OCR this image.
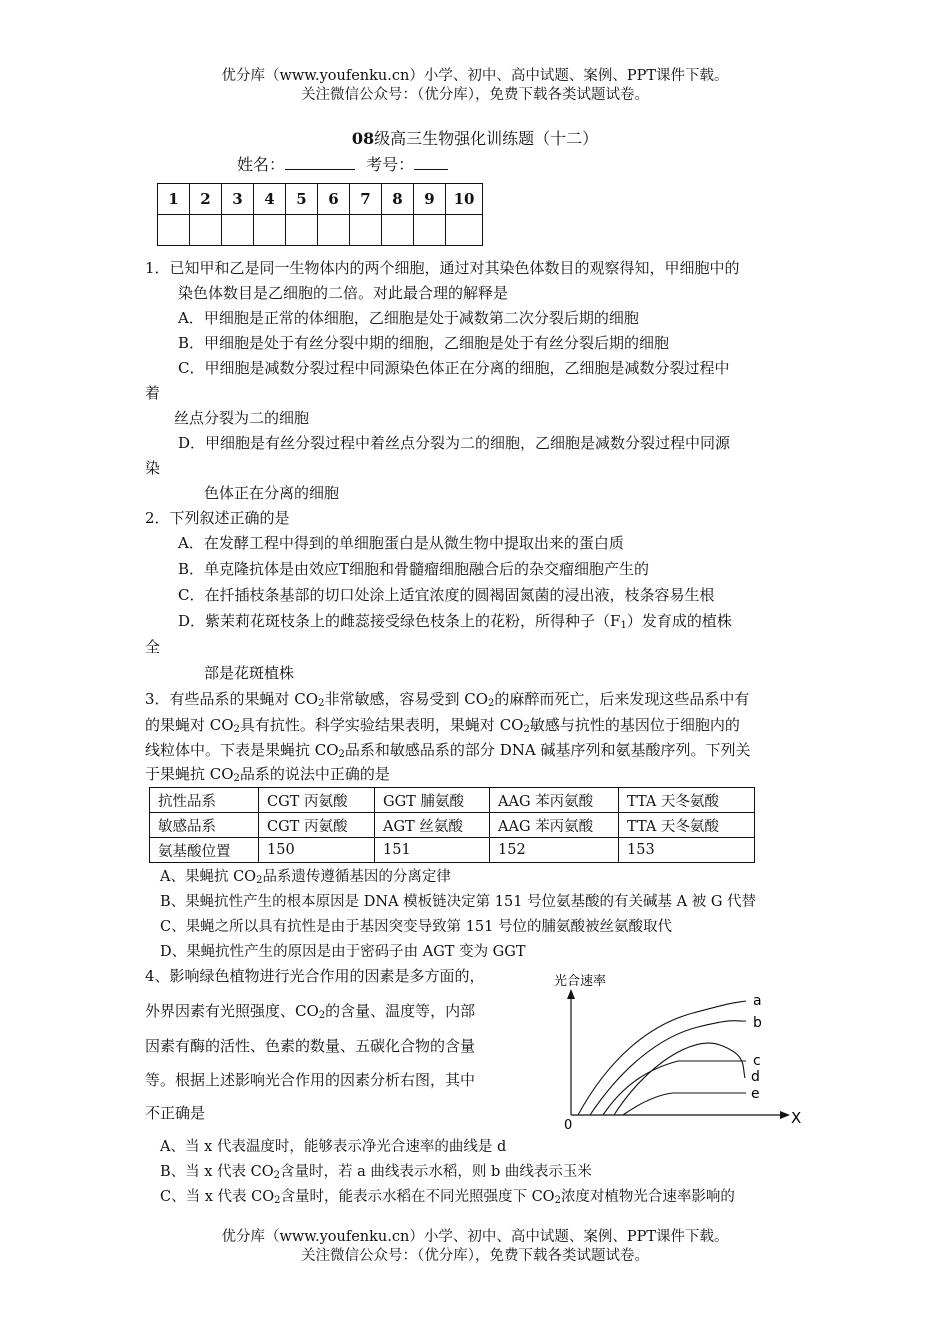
优分库（www.youfenku.cn）小学、初中、高中试题、案例、PPT课件下载。
关注微信公众号：（优分库），免费下载各类试题试卷。
08级高三生物强化训练题（十二）
姓名：	考号：
1	2	3	4	5	6	7	8	9	10

1．已知甲和乙是同一生物体内的两个细胞，通过对其染色体数目的观察得知，甲细胞中的
染色体数目是乙细胞的二倍。对此最合理的解释是
A．甲细胞是正常的体细胞，乙细胞是处于减数第二次分裂后期的细胞
B．甲细胞是处于有丝分裂中期的细胞，乙细胞是处于有丝分裂后期的细胞
C．甲细胞是减数分裂过程中同源染色体正在分离的细胞，乙细胞是减数分裂过程中
着
丝点分裂为二的细胞
D．甲细胞是有丝分裂过程中着丝点分裂为二的细胞，乙细胞是减数分裂过程中同源
染
色体正在分离的细胞
2．下列叙述正确的是
A．在发酵工程中得到的单细胞蛋白是从微生物中提取出来的蛋白质
B．单克隆抗体是由效应T细胞和骨髓瘤细胞融合后的杂交瘤细胞产生的
C．在扦插枝条基部的切口处涂上适宜浓度的圆褐固氮菌的浸出液，枝条容易生根
D．紫茉莉花斑枝条上的雌蕊接受绿色枝条上的花粉，所得种子$(F_1)$发育成的植株
全
部是花斑植株
3．有些品系的果蝇对 $CO_2$非常敏感，容易受到 $CO_2$的麻醉而死亡，后来发现这些品系中有
的果蝇对 $CO_2$具有抗性。科学实验结果表明，果蝇对 $CO_2$敏感与抗性的基因位于细胞内的
线粒体中。下表是果蝇抗 $CO_2$品系和敏感品系的部分 DNA 碱基序列和氨基酸序列。下列关
于果蝇抗 $CO_2$品系的说法中正确的是
抗性品系	CGT 丙氨酸	GGT 脯氨酸	AAG 苯丙氨酸	TTA 天冬氨酸
敏感品系	CGT 丙氨酸	AGT 丝氨酸	AAG 苯丙氨酸	TTA 天冬氨酸
氨基酸位置	150	151	152	153
A、果蝇抗 $CO_2$品系遗传遵循基因的分离定律
B、果蝇抗性产生的根本原因是 DNA 模板链决定第 151 号位氨基酸的有关碱基 A 被 G 代替
C、果蝇之所以具有抗性是由于基因突变导致第 151 号位的脯氨酸被丝氨酸取代
D、果蝇抗性产生的原因是由于密码子由 AGT 变为 GGT
4、影响绿色植物进行光合作用的因素是多方面的，
外界因素有光照强度、$CO_2$的含量、温度等，内部
因素有酶的活性、色素的数量、五碳化合物的含量
等。根据上述影响光合作用的因素分析右图，其中
不正确是
光合速率
0	X
a
b
c
d
e
A、当 x 代表温度时，能够表示净光合速率的曲线是 d
B、当 x 代表 $CO_2$含量时，若 a 曲线表示水稻，则 b 曲线表示玉米
C、当 x 代表 $CO_2$含量时，能表示水稻在不同光照强度下 $CO_2$浓度对植物光合速率影响的
优分库（www.youfenku.cn）小学、初中、高中试题、案例、PPT课件下载。
关注微信公众号：（优分库），免费下载各类试题试卷。
